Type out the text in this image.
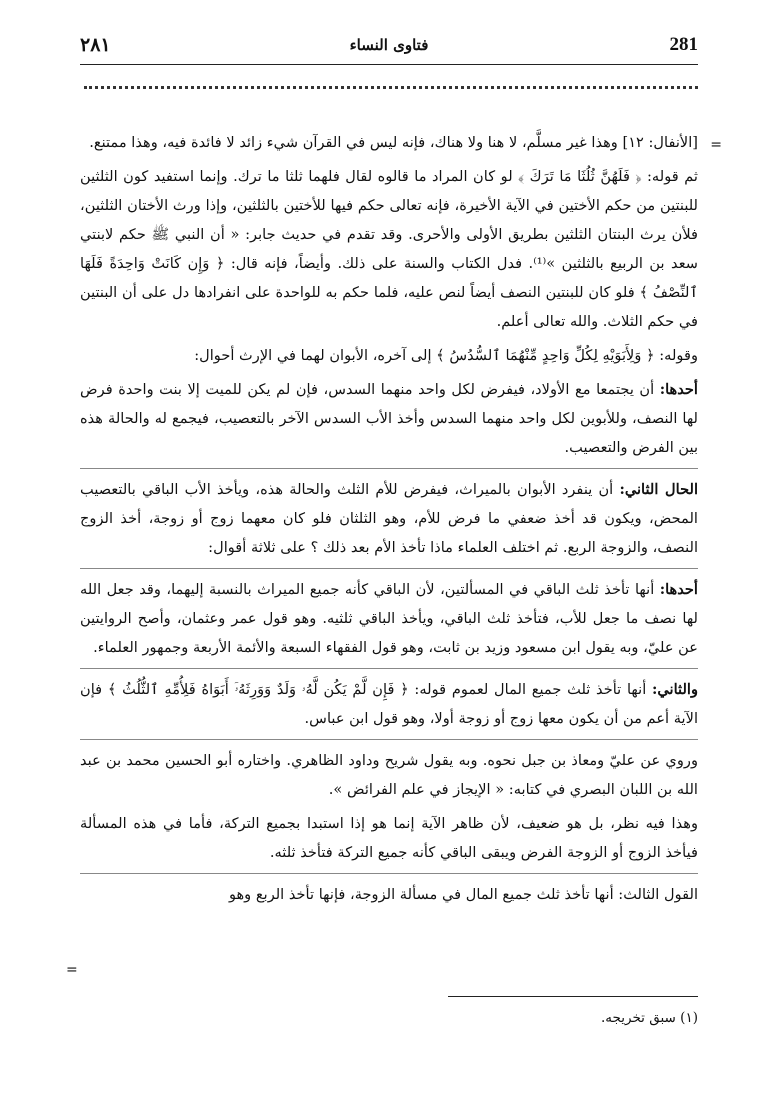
281
فتاوى النساء
٢٨١
=

[الأنفال: ١٢] وهذا غير مسلَّم، لا هنا ولا هناك، فإنه ليس في القرآن شيء زائد لا فائدة فيه، وهذا ممتنع.

ثم قوله: ﴿ فَلَهُنَّ ثُلُثَا مَا تَرَكَ ﴾ لو كان المراد ما قالوه لقال فلهما ثلثا ما ترك. وإنما استفيد كون الثلثين للبنتين من حكم الأختين في الآية الأخيرة، فإنه تعالى حكم فيها للأختين بالثلثين، وإذا ورث الأختان الثلثين، فلأن يرث البنتان الثلثين بطريق الأولى والأحرى. وقد تقدم في حديث جابر: « أن النبي ﷺ حكم لابنتي سعد بن الربيع بالثلثين »⁽¹⁾. فدل الكتاب والسنة على ذلك. وأيضاً، فإنه قال: ﴿ وَإِن كَانَتْ وَاحِدَةً فَلَهَا ٱلنِّصْفُ ﴾ فلو كان للبنتين النصف أيضاً لنص عليه، فلما حكم به للواحدة على انفرادها دل على أن البنتين في حكم الثلاث. والله تعالى أعلم.

وقوله: ﴿ وَلِأَبَوَيْهِ لِكُلِّ وَاحِدٍ مِّنْهُمَا ٱلسُّدُسُ ﴾ إلى آخره، الأبوان لهما في الإرث أحوال:

أحدها: أن يجتمعا مع الأولاد، فيفرض لكل واحد منهما السدس، فإن لم يكن للميت إلا بنت واحدة فرض لها النصف، وللأبوين لكل واحد منهما السدس وأخذ الأب السدس الآخر بالتعصيب، فيجمع له والحالة هذه بين الفرض والتعصيب.

الحال الثاني: أن ينفرد الأبوان بالميراث، فيفرض للأم الثلث والحالة هذه، ويأخذ الأب الباقي بالتعصيب المحض، ويكون قد أخذ ضعفي ما فرض للأم، وهو الثلثان فلو كان معهما زوج أو زوجة، أخذ الزوج النصف، والزوجة الربع. ثم اختلف العلماء ماذا تأخذ الأم بعد ذلك ؟ على ثلاثة أقوال:

أحدها: أنها تأخذ ثلث الباقي في المسألتين، لأن الباقي كأنه جميع الميراث بالنسبة إليهما، وقد جعل الله لها نصف ما جعل للأب، فتأخذ ثلث الباقي، ويأخذ الباقي ثلثيه. وهو قول عمر وعثمان، وأصح الروايتين عن عليّ، وبه يقول ابن مسعود وزيد بن ثابت، وهو قول الفقهاء السبعة والأئمة الأربعة وجمهور العلماء.

والثاني: أنها تأخذ ثلث جميع المال لعموم قوله: ﴿ فَإِن لَّمْ يَكُن لَّهُۥ وَلَدٌ وَوَرِثَهُۥٓ أَبَوَاهُ فَلِأُمِّهِ ٱلثُّلُثُ ﴾ فإن الآية أعم من أن يكون معها زوج أو زوجة أولا، وهو قول ابن عباس.

وروي عن عليّ ومعاذ بن جبل نحوه. وبه يقول شريح وداود الظاهري. واختاره أبو الحسين محمد بن عبد الله بن اللبان البصري في كتابه: « الإيجاز في علم الفرائض ».

وهذا فيه نظر، بل هو ضعيف، لأن ظاهر الآية إنما هو إذا استبدا بجميع التركة، فأما في هذه المسألة فيأخذ الزوج أو الزوجة الفرض ويبقى الباقي كأنه جميع التركة فتأخذ ثلثه.

القول الثالث: أنها تأخذ ثلث جميع المال في مسألة الزوجة، فإنها تأخذ الربع وهو

=
(١) سبق تخريجه.
